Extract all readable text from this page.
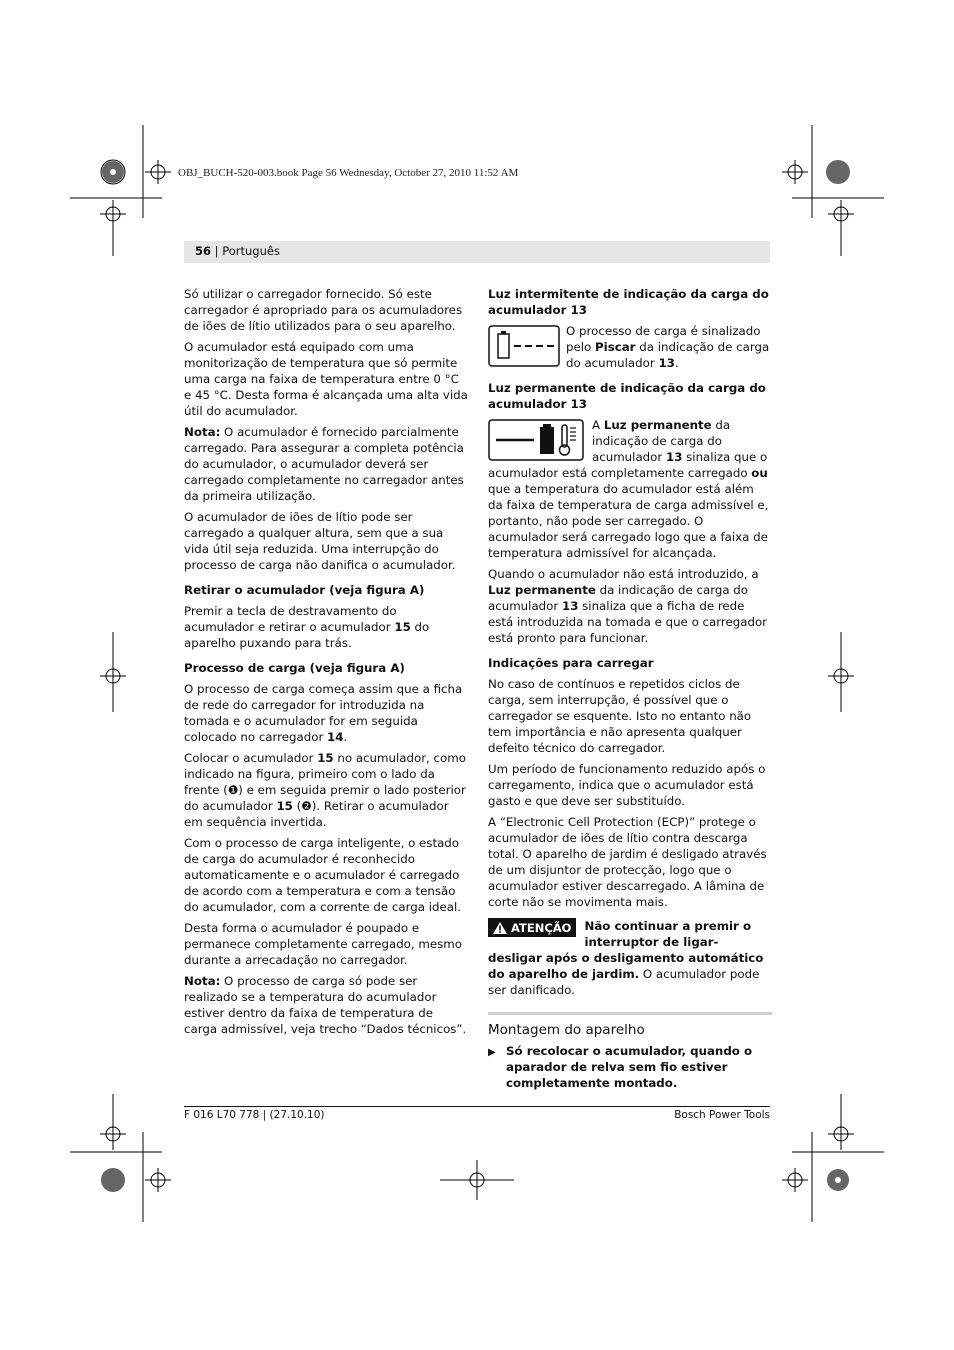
OBJ_BUCH-520-003.book Page 56 Wednesday, October 27, 2010 11:52 AM
56 | Português

Só utilizar o carregador fornecido. Só este carregador é apropriado para os acumuladores de iões de lítio utilizados para o seu aparelho.

O acumulador está equipado com uma monitorização de temperatura que só permite uma carga na faixa de temperatura entre 0 °C e 45 °C. Desta forma é alcançada uma alta vida útil do acumulador.

Nota: O acumulador é fornecido parcialmente carregado. Para assegurar a completa potência do acumulador, o acumulador deverá ser carregado completamente no carregador antes da primeira utilização.

O acumulador de iões de lítio pode ser carregado a qualquer altura, sem que a sua vida útil seja reduzida. Uma interrupção do processo de carga não danifica o acumulador.

Retirar o acumulador (veja figura A)

Premir a tecla de destravamento do acumulador e retirar o acumulador 15 do aparelho puxando para trás.

Processo de carga (veja figura A)

O processo de carga começa assim que a ficha de rede do carregador for introduzida na tomada e o acumulador for em seguida colocado no carregador 14.

Colocar o acumulador 15 no acumulador, como indicado na figura, primeiro com o lado da frente (❶) e em seguida premir o lado posterior do acumulador 15 (❷). Retirar o acumulador em sequência invertida.

Com o processo de carga inteligente, o estado de carga do acumulador é reconhecido automaticamente e o acumulador é carregado de acordo com a temperatura e com a tensão do acumulador, com a corrente de carga ideal.

Desta forma o acumulador é poupado e permanece completamente carregado, mesmo durante a arrecadação no carregador.

Nota: O processo de carga só pode ser realizado se a temperatura do acumulador estiver dentro da faixa de temperatura de carga admissível, veja trecho “Dados técnicos”.

Luz intermitente de indicação da carga do acumulador 13
O processo de carga é sinalizado pelo Piscar da indicação de carga do acumulador 13.
Luz permanente de indicação da carga do acumulador 13

A Luz permanente da indicação de carga do acumulador 13 sinaliza que o acumulador está completamente carregado ou que a temperatura do acumulador está além da faixa de temperatura de carga admissível e, portanto, não pode ser carregado. O acumulador será carregado logo que a faixa de temperatura admissível for alcançada.

Quando o acumulador não está introduzido, a Luz permanente da indicação de carga do acumulador 13 sinaliza que a ficha de rede está introduzida na tomada e que o carregador está pronto para funcionar.

Indicações para carregar

No caso de contínuos e repetidos ciclos de carga, sem interrupção, é possível que o carregador se esquente. Isto no entanto não tem importância e não apresenta qualquer defeito técnico do carregador.

Um período de funcionamento reduzido após o carregamento, indica que o acumulador está gasto e que deve ser substituído.

A “Electronic Cell Protection (ECP)” protege o acumulador de iões de lítio contra descarga total. O aparelho de jardim é desligado através de um disjuntor de protecção, logo que o acumulador estiver descarregado. A lâmina de corte não se movimenta mais.

ATENÇÃO	Não continuar a premir o interruptor de ligar-desligar após o desligamento automático do aparelho de jardim. O acumulador pode ser danificado.

Montagem do aparelho
▶ Só recolocar o acumulador, quando o aparador de relva sem fio estiver completamente montado.
F 016 L70 778 | (27.10.10)	Bosch Power Tools
